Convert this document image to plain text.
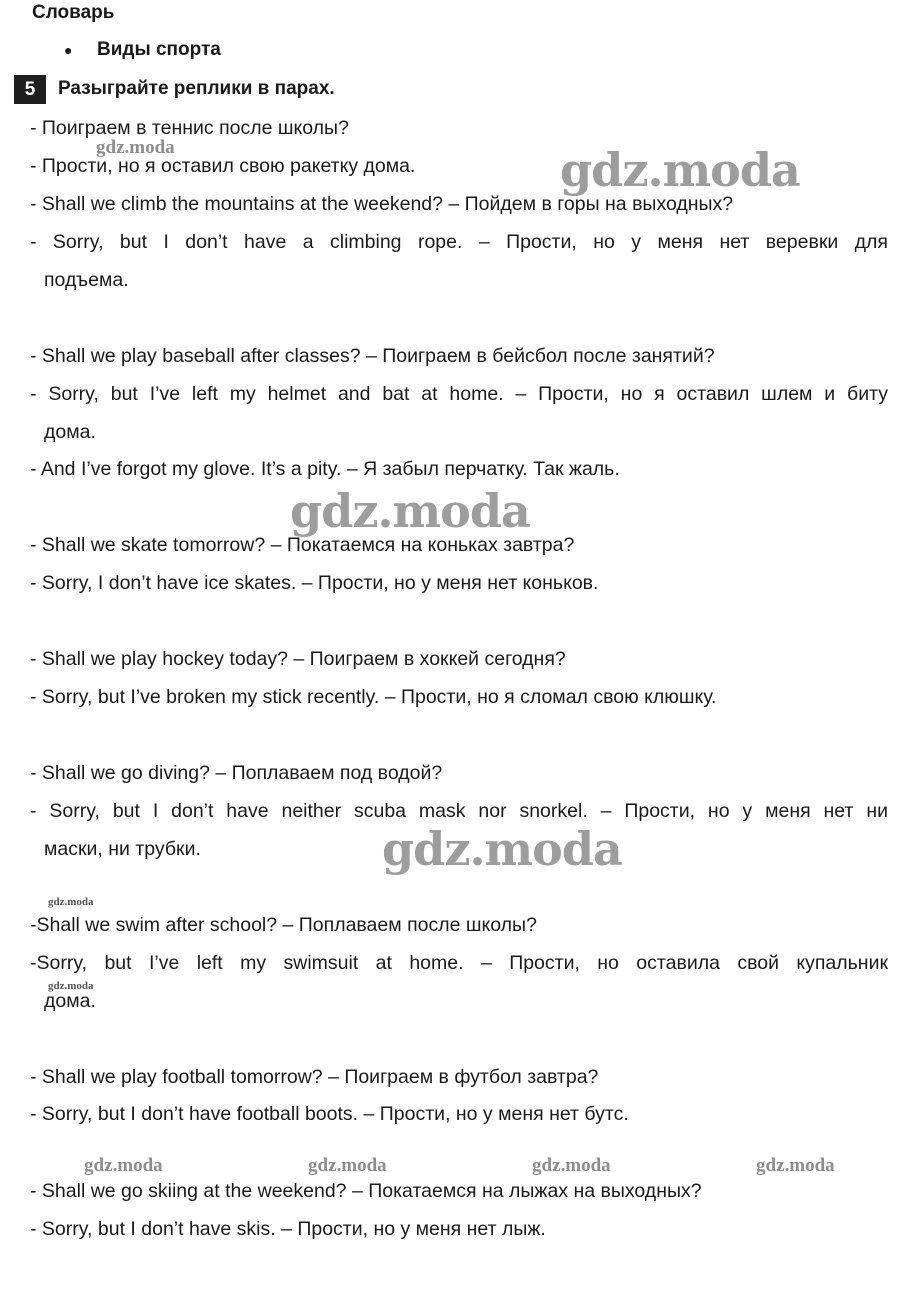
Словарь
● Виды спорта
5	Разыграйте реплики в парах.
- Поиграем в теннис после школы?
- Прости, но я оставил свою ракетку дома.
- Shall we climb the mountains at the weekend? – Пойдем в горы на выходных?
- Sorry, but I don’t have a climbing rope. – Прости, но у меня нет веревки для
подъема.
- Shall we play baseball after classes? – Поиграем в бейсбол после занятий?
- Sorry, but I’ve left my helmet and bat at home. – Прости, но я оставил шлем и биту
дома.
- And I’ve forgot my glove. It’s a pity. – Я забыл перчатку. Так жаль.
- Shall we skate tomorrow? – Покатаемся на коньках завтра?
- Sorry, I don’t have ice skates. – Прости, но у меня нет коньков.
- Shall we play hockey today? – Поиграем в хоккей сегодня?
- Sorry, but I’ve broken my stick recently. – Прости, но я сломал свою клюшку.
- Shall we go diving? – Поплаваем под водой?
- Sorry, but I don’t have neither scuba mask nor snorkel. – Прости, но у меня нет ни
маски, ни трубки.
-Shall we swim after school? – Поплаваем после школы?
-Sorry, but I’ve left my swimsuit at home. – Прости, но оставила свой купальник
дома.
- Shall we play football tomorrow? – Поиграем в футбол завтра?
- Sorry, but I don’t have football boots. – Прости, но у меня нет бутс.
- Shall we go skiing at the weekend? – Покатаемся на лыжах на выходных?
- Sorry, but I don’t have skis. – Прости, но у меня нет лыж.
gdz.moda	gdz.moda
gdz.moda
gdz.moda
gdz.moda
gdz.moda
gdz.moda	gdz.moda	gdz.moda	gdz.moda
